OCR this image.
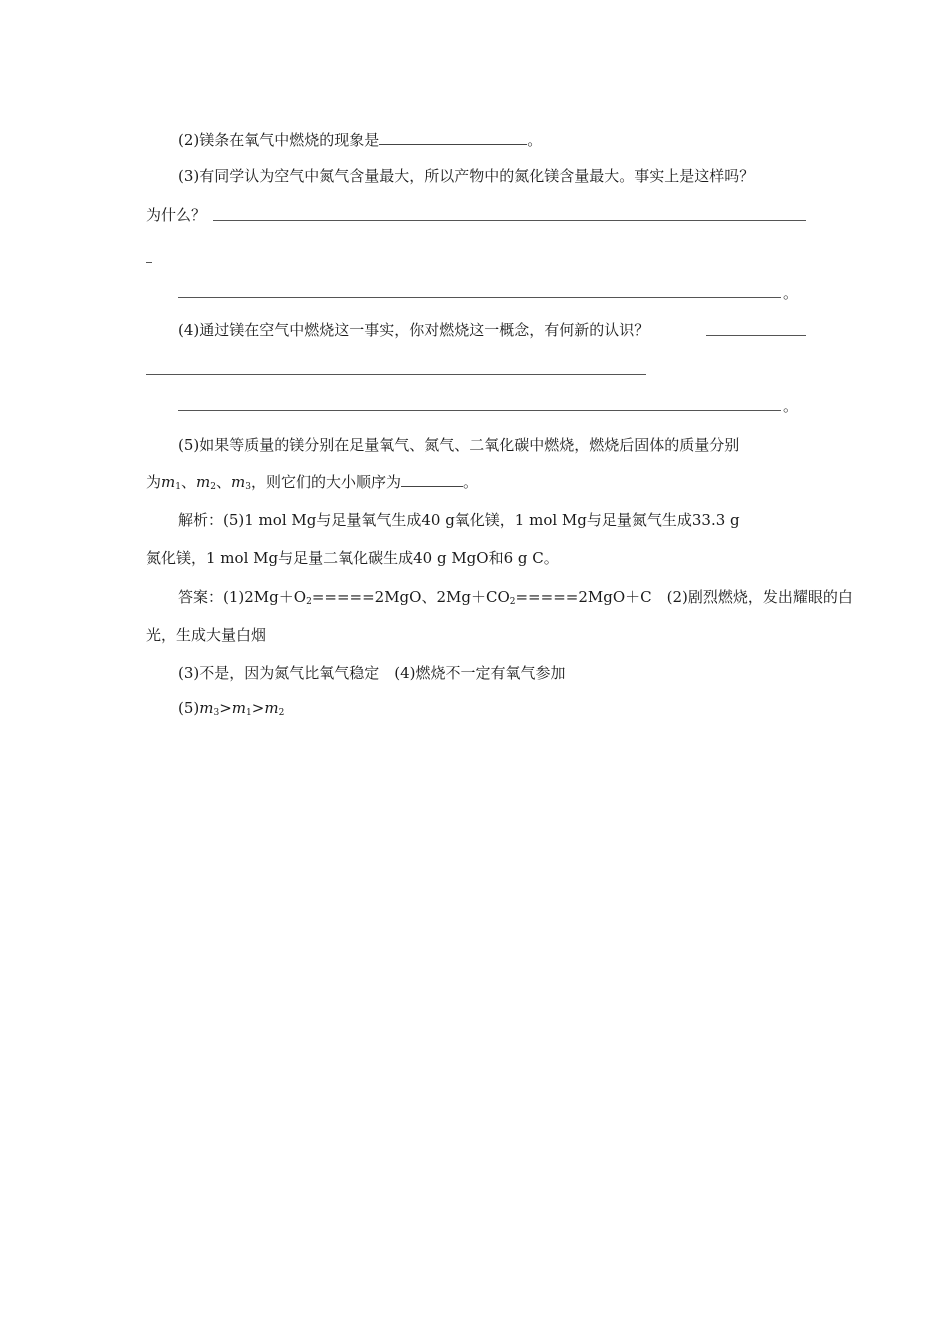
(2)镁条在氧气中燃烧的现象是	。
(3)有同学认为空气中氮气含量最大，所以产物中的氮化镁含量最大。事实上是这样吗？
为什么？
。
(4)通过镁在空气中燃烧这一事实，你对燃烧这一概念，有何新的认识？
。
(5)如果等质量的镁分别在足量氧气、氮气、二氧化碳中燃烧，燃烧后固体的质量分别
为$m_1$、$m_2$、$m_3$，则它们的大小顺序为	。
解析：(5)1 mol Mg与足量氧气生成40 g氧化镁，1 mol Mg与足量氮气生成33.3 g
氮化镁，1 mol Mg与足量二氧化碳生成40 g MgO和6 g C。
答案：$(1)2Mg+O_2=====2MgO$、$2Mg+CO_2=====2MgO+C$　(2)剧烈燃烧，发出耀眼的白
光，生成大量白烟
(3)不是，因为氮气比氧气稳定　(4)燃烧不一定有氧气参加
$(5)m_3>m_1>m_2$
